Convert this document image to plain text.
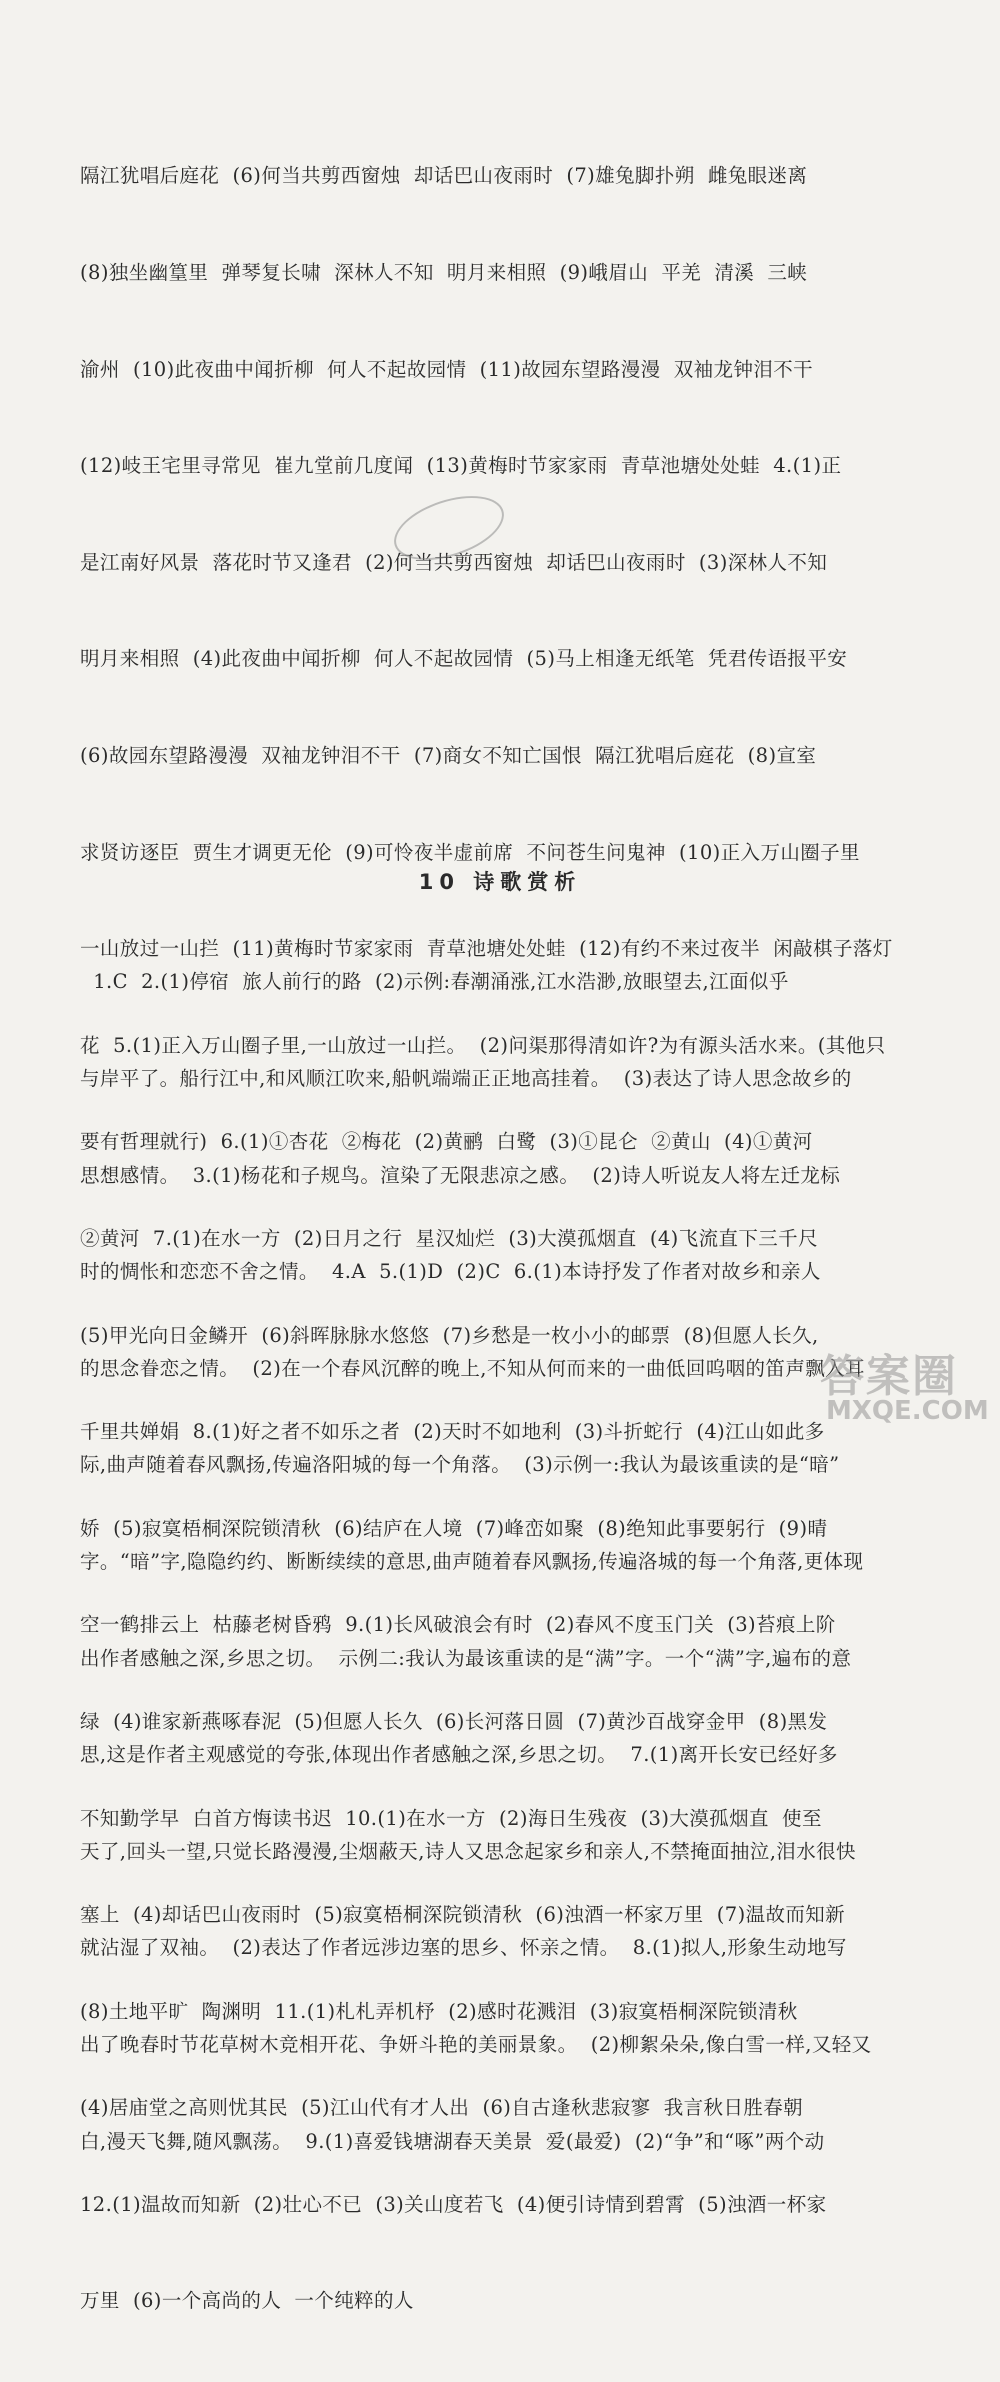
隔江犹唱后庭花  (6)何当共剪西窗烛  却话巴山夜雨时  (7)雄兔脚扑朔  雌兔眼迷离

(8)独坐幽篁里  弹琴复长啸  深林人不知  明月来相照  (9)峨眉山  平羌  清溪  三峡

渝州  (10)此夜曲中闻折柳  何人不起故园情  (11)故园东望路漫漫  双袖龙钟泪不干

(12)岐王宅里寻常见  崔九堂前几度闻  (13)黄梅时节家家雨  青草池塘处处蛙  4.(1)正

是江南好风景  落花时节又逢君  (2)何当共剪西窗烛  却话巴山夜雨时  (3)深林人不知

明月来相照  (4)此夜曲中闻折柳  何人不起故园情  (5)马上相逢无纸笔  凭君传语报平安

(6)故园东望路漫漫  双袖龙钟泪不干  (7)商女不知亡国恨  隔江犹唱后庭花  (8)宣室

求贤访逐臣  贾生才调更无伦  (9)可怜夜半虚前席  不问苍生问鬼神  (10)正入万山圈子里

一山放过一山拦  (11)黄梅时节家家雨  青草池塘处处蛙  (12)有约不来过夜半  闲敲棋子落灯

花  5.(1)正入万山圈子里,一山放过一山拦。  (2)问渠那得清如许?为有源头活水来。(其他只

要有哲理就行)  6.(1)①杏花  ②梅花  (2)黄鹂  白鹭  (3)①昆仑  ②黄山  (4)①黄河

②黄河  7.(1)在水一方  (2)日月之行  星汉灿烂  (3)大漠孤烟直  (4)飞流直下三千尺

(5)甲光向日金鳞开  (6)斜晖脉脉水悠悠  (7)乡愁是一枚小小的邮票  (8)但愿人长久,

千里共婵娟  8.(1)好之者不如乐之者  (2)天时不如地利  (3)斗折蛇行  (4)江山如此多

娇  (5)寂寞梧桐深院锁清秋  (6)结庐在人境  (7)峰峦如聚  (8)绝知此事要躬行  (9)晴

空一鹤排云上  枯藤老树昏鸦  9.(1)长风破浪会有时  (2)春风不度玉门关  (3)苔痕上阶

绿  (4)谁家新燕啄春泥  (5)但愿人长久  (6)长河落日圆  (7)黄沙百战穿金甲  (8)黑发

不知勤学早  白首方悔读书迟  10.(1)在水一方  (2)海日生残夜  (3)大漠孤烟直  使至

塞上  (4)却话巴山夜雨时  (5)寂寞梧桐深院锁清秋  (6)浊酒一杯家万里  (7)温故而知新

(8)土地平旷  陶渊明  11.(1)札札弄机杼  (2)感时花溅泪  (3)寂寞梧桐深院锁清秋

(4)居庙堂之高则忧其民  (5)江山代有才人出  (6)自古逢秋悲寂寥  我言秋日胜春朝

12.(1)温故而知新  (2)壮心不已  (3)关山度若飞  (4)便引诗情到碧霄  (5)浊酒一杯家

万里  (6)一个高尚的人  一个纯粹的人

10 诗歌赏析

1.C  2.(1)停宿  旅人前行的路  (2)示例:春潮涌涨,江水浩渺,放眼望去,江面似乎

与岸平了。船行江中,和风顺江吹来,船帆端端正正地高挂着。  (3)表达了诗人思念故乡的

思想感情。  3.(1)杨花和子规鸟。渲染了无限悲凉之感。  (2)诗人听说友人将左迁龙标

时的惆怅和恋恋不舍之情。  4.A  5.(1)D  (2)C  6.(1)本诗抒发了作者对故乡和亲人

的思念眷恋之情。  (2)在一个春风沉醉的晚上,不知从何而来的一曲低回呜咽的笛声飘入耳

际,曲声随着春风飘扬,传遍洛阳城的每一个角落。  (3)示例一:我认为最该重读的是“暗”

字。“暗”字,隐隐约约、断断续续的意思,曲声随着春风飘扬,传遍洛城的每一个角落,更体现

出作者感触之深,乡思之切。  示例二:我认为最该重读的是“满”字。一个“满”字,遍布的意

思,这是作者主观感觉的夸张,体现出作者感触之深,乡思之切。  7.(1)离开长安已经好多

天了,回头一望,只觉长路漫漫,尘烟蔽天,诗人又思念起家乡和亲人,不禁掩面抽泣,泪水很快

就沾湿了双袖。  (2)表达了作者远涉边塞的思乡、怀亲之情。  8.(1)拟人,形象生动地写

出了晚春时节花草树木竞相开花、争妍斗艳的美丽景象。  (2)柳絮朵朵,像白雪一样,又轻又

白,漫天飞舞,随风飘荡。  9.(1)喜爱钱塘湖春天美景  爱(最爱)  (2)“争”和“啄”两个动

答案圈
MXQE.COM
